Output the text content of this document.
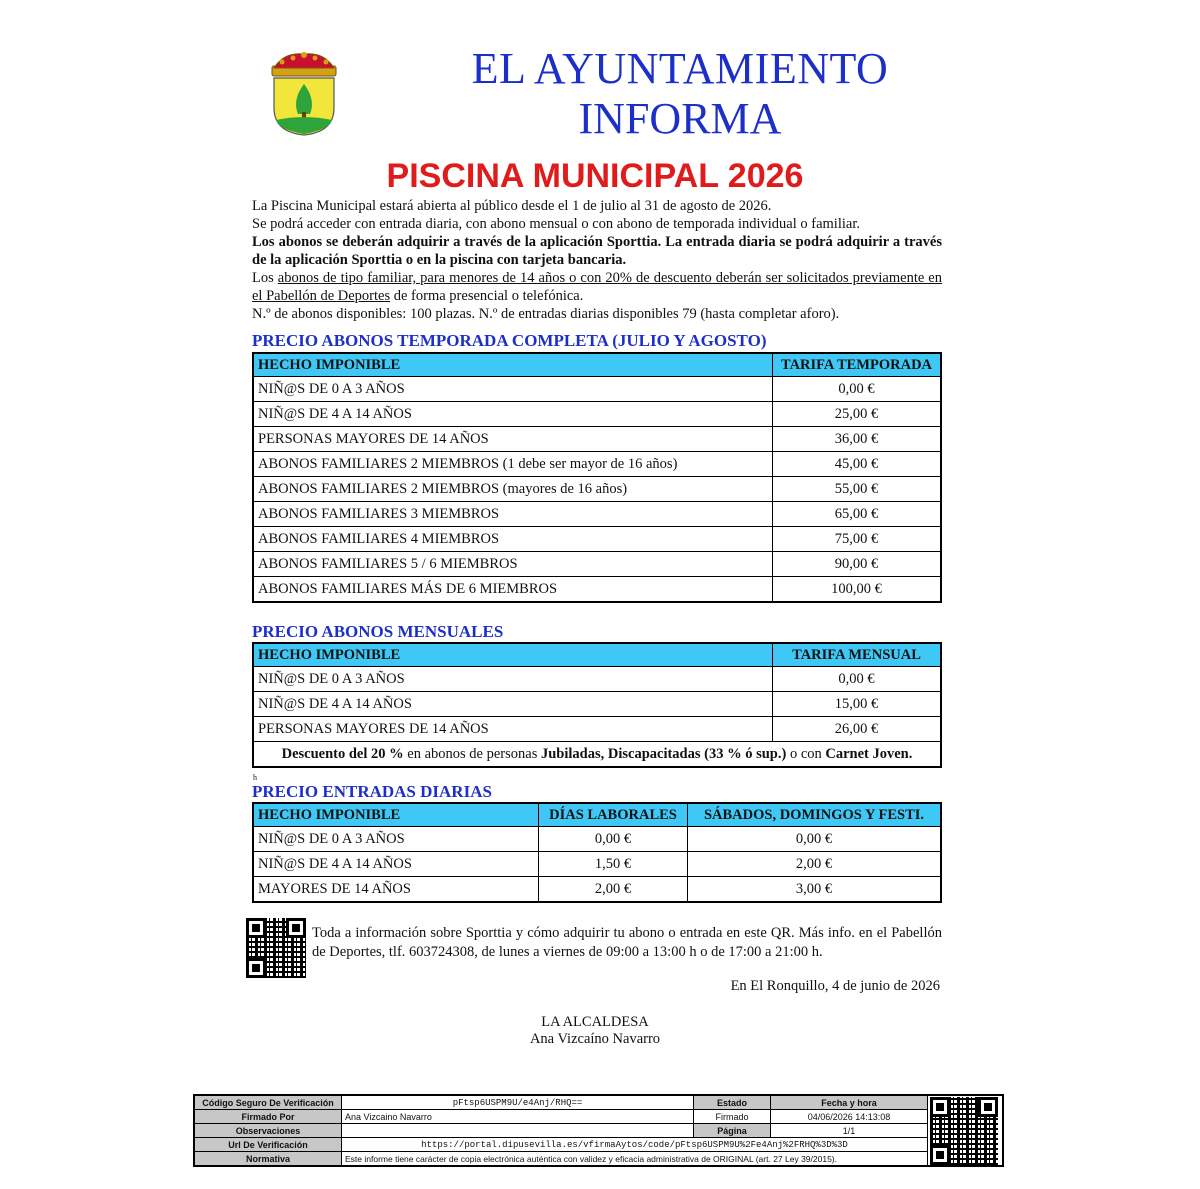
EL AYUNTAMIENTO
INFORMA
PISCINA MUNICIPAL 2026

La Piscina Municipal estará abierta al público desde el 1 de julio al 31 de agosto de 2026.

Se podrá acceder con entrada diaria, con abono mensual o con abono de temporada individual o familiar.

Los abonos se deberán adquirir a través de la aplicación Sporttia. La entrada diaria se podrá adquirir a través de la aplicación Sporttia o en la piscina con tarjeta bancaria.

Los abonos de tipo familiar, para menores de 14 años o con 20% de descuento deberán ser solicitados previamente en el Pabellón de Deportes de forma presencial o telefónica.

N.º de abonos disponibles: 100 plazas. N.º de entradas diarias disponibles 79 (hasta completar aforo).

PRECIO ABONOS TEMPORADA COMPLETA (JULIO Y AGOSTO)
HECHO IMPONIBLE	TARIFA TEMPORADA
NIÑ@S DE 0 A 3 AÑOS	0,00 €
NIÑ@S DE 4 A 14 AÑOS	25,00 €
PERSONAS MAYORES DE 14 AÑOS	36,00 €
ABONOS FAMILIARES 2 MIEMBROS (1 debe ser mayor de 16 años)	45,00 €
ABONOS FAMILIARES 2 MIEMBROS (mayores de 16 años)	55,00 €
ABONOS FAMILIARES 3 MIEMBROS	65,00 €
ABONOS FAMILIARES 4 MIEMBROS	75,00 €
ABONOS FAMILIARES 5 / 6 MIEMBROS	90,00 €
ABONOS FAMILIARES MÁS DE 6 MIEMBROS	100,00 €
PRECIO ABONOS MENSUALES
HECHO IMPONIBLE	TARIFA MENSUAL
NIÑ@S DE 0 A 3 AÑOS	0,00 €
NIÑ@S DE 4 A 14 AÑOS	15,00 €
PERSONAS MAYORES DE 14 AÑOS	26,00 €
Descuento del 20 % en abonos de personas Jubiladas, Discapacitadas (33 % ó sup.) o con Carnet Joven.	
h
PRECIO ENTRADAS DIARIAS
HECHO IMPONIBLE	DÍAS LABORALES	SÁBADOS, DOMINGOS Y FESTI.
NIÑ@S DE 0 A 3 AÑOS	0,00 €	0,00 €
NIÑ@S DE 4 A 14 AÑOS	1,50 €	2,00 €
MAYORES DE 14 AÑOS	2,00 €	3,00 €
Toda a información sobre Sporttia y cómo adquirir tu abono o entrada en este QR. Más info. en el Pabellón de Deportes, tlf. 603724308, de lunes a viernes de 09:00 a 13:00 h o de 17:00 a 21:00 h.
En El Ronquillo, 4 de junio de 2026
LA ALCALDESA
Ana Vizcaíno Navarro
Código Seguro De Verificación	pFtsp6USPM9U/e4Anj/RHQ==	Estado	Fecha y hora	
Firmado Por	Ana Vizcaino Navarro	Firmado	04/06/2026 14:13:08	
Observaciones		Página	1/1	
Url De Verificación	https://portal.dipusevilla.es/vfirmaAytos/code/pFtsp6USPM9U%2Fe4Anj%2FRHQ%3D%3D			
Normativa	Este informe tiene carácter de copia electrónica auténtica con validez y eficacia administrativa de ORIGINAL (art. 27 Ley 39/2015).			
